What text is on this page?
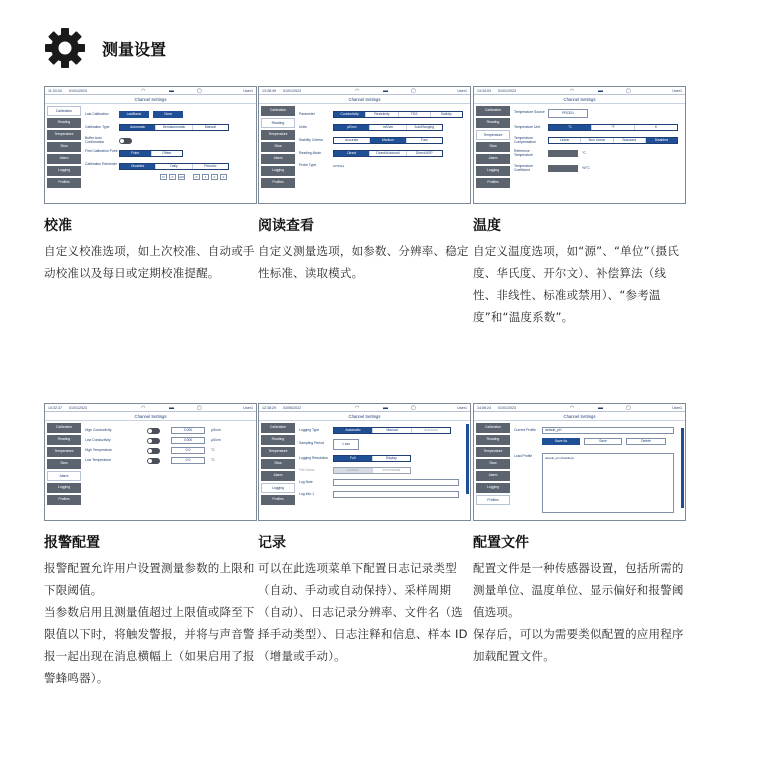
测量设置
11:33:34 01/01/2023	◠	▬	▢	User1
Channel Settings
Calibration
Reading
Temperature
Slow
Alarm
Logging
Profiles
Last Calibration	LastBasic	Clear
Calibration Type	Automatic	Semiautomatic	Manual
Buffer Auto Confirmation
First Calibration Point	Point	Offset
Calibration Reminder	Disabled	Daily	Periodic
D	0	AM	0	1	0	0
校准

自定义校准选项，如上次校准、自动或手动校准以及每日或定期校准提醒。

13:28:49 01/01/2023	◠	▬	▢	User1
Channel Settings
Calibration
Reading
Temperature
Slow
Alarm
Logging
Profiles
Parameter	Conductivity	Resistivity	TDS	Salinity
Units	µS/cm	mS/cm	AutoRanging
Stability Criteria	Accurate	Medium	Fast
Reading Mode	Direct	Direct/Autohold	Direct/USP
Probe Type	HI76312
阅读查看

自定义测量选项，如参数、分辨率、稳定性标准、读取模式。

13:34:03 01/01/2023	◠	▬	▢	User1
Channel Settings
Calibration
Reading
Temperature
Slow
Alarm
Logging
Profiles
Temperature Source	PROD1
Temperature Unit	°C	°F	K
Temperature Compensation	Linear	Non Linear	Standard	Disabled
Reference Temperature	°C
Temperature Coefficient	%/°C
温度

自定义温度选项，如“源”、“单位”（摄氏度、华氏度、开尔文）、补偿算法（线性、非线性、标准或禁用）、“参考温度”和“温度系数”。

14:32:37 01/01/2023	◠	▬	▢	User1
Channel Settings
Calibration
Reading
Temperature
Slow
Alarm
Logging
Profiles
High Conductivity	0.000	µS/cm
Low Conductivity	0.000	µS/cm
High Temperature	0.0	°C
Low Temperature	0.0	°C
报警配置

报警配置允许用户设置测量参数的上限和下限阈值。

当参数启用且测量值超过上限值或降至下限值以下时，将触发警报，并将与声音警报一起出现在消息横幅上（如果启用了报警蜂鸣器）。

12:38:29 03/06/2022	◠	▬	▢	User1
Channel Settings
Calibration
Reading
Temperature
Slow
Alarm
Logging
Profiles
Logging Type	Automatic	Manual	Autohold
Sampling Period	1 sec
Logging Resolution	Full	Display
File Name	Custom	Incremental
Log Note
Log Info 1
记录

可以在此选项菜单下配置日志记录类型（自动、手动或自动保持）、采样周期（自动）、日志记录分辨率、文件名（选择手动类型）、日志注释和信息、样本 ID（增量或手动）。

14:06:24 01/01/2023	◠	▬	▢	User1
Channel Settings
Calibration
Reading
Temperature
Slow
Alarm
Logging
Profiles
Current Profile	default_pH
Save As	Save	Delete
Load Profile	default_pH (Modified)
配置文件

配置文件是一种传感器设置，包括所需的测量单位、温度单位、显示偏好和报警阈值选项。

保存后，可以为需要类似配置的应用程序加载配置文件。
